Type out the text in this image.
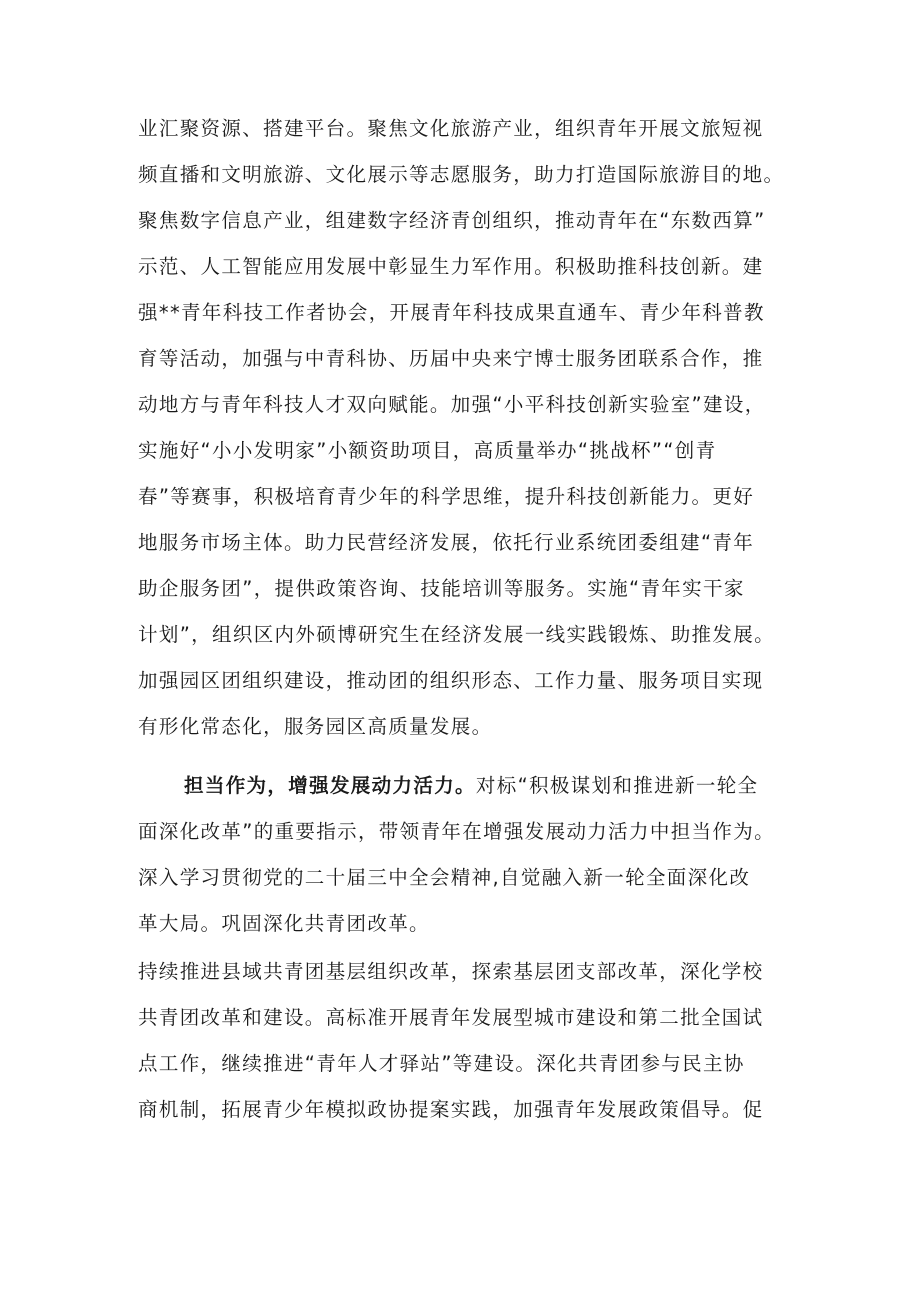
业汇聚资源、搭建平台。聚焦文化旅游产业，组织青年开展文旅短视
频直播和文明旅游、文化展示等志愿服务，助力打造国际旅游目的地。
聚焦数字信息产业，组建数字经济青创组织，推动青年在“东数西算”
示范、人工智能应用发展中彰显生力军作用。积极助推科技创新。建
强**青年科技工作者协会，开展青年科技成果直通车、青少年科普教
育等活动，加强与中青科协、历届中央来宁博士服务团联系合作，推
动地方与青年科技人才双向赋能。加强“小平科技创新实验室”建设，
实施好“小小发明家”小额资助项目，高质量举办“挑战杯”“创青
春”等赛事，积极培育青少年的科学思维，提升科技创新能力。更好
地服务市场主体。助力民营经济发展，依托行业系统团委组建“青年
助企服务团”，提供政策咨询、技能培训等服务。实施“青年实干家
计划”，组织区内外硕博研究生在经济发展一线实践锻炼、助推发展。
加强园区团组织建设，推动团的组织形态、工作力量、服务项目实现
有形化常态化，服务园区高质量发展。
担当作为，增强发展动力活力。对标“积极谋划和推进新一轮全
面深化改革”的重要指示，带领青年在增强发展动力活力中担当作为。
深入学习贯彻党的二十届三中全会精神,自觉融入新一轮全面深化改
革大局。巩固深化共青团改革。
持续推进县域共青团基层组织改革，探索基层团支部改革，深化学校
共青团改革和建设。高标准开展青年发展型城市建设和第二批全国试
点工作，继续推进“青年人才驿站”等建设。深化共青团参与民主协
商机制，拓展青少年模拟政协提案实践，加强青年发展政策倡导。促
